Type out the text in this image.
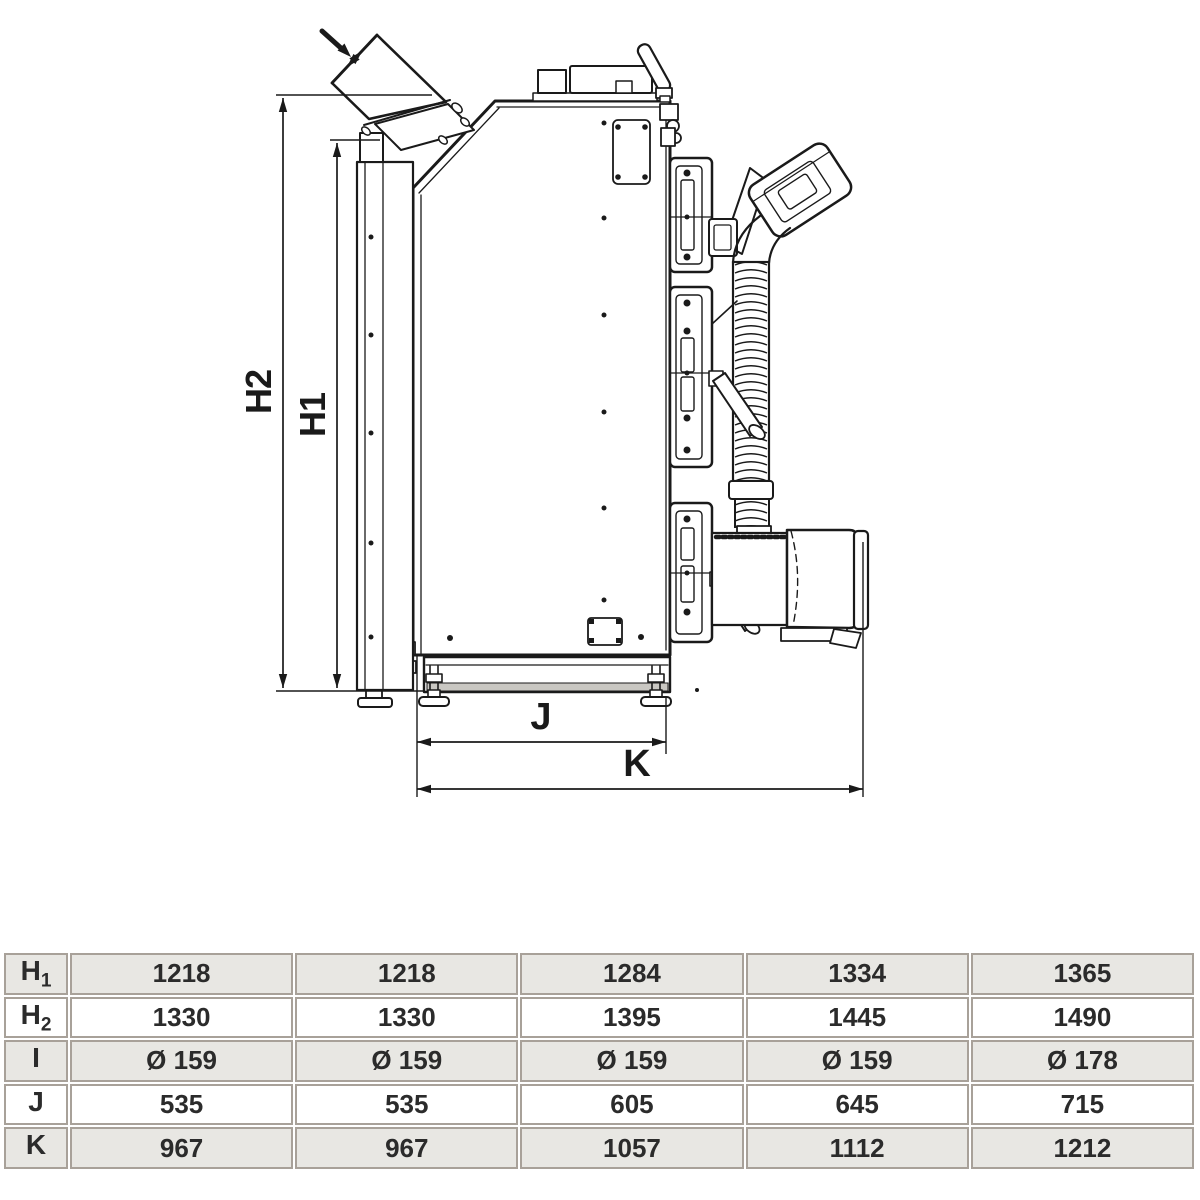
H2
H1
J
K
$H_1$	1218	1218	1284	1334	1365
$H_2$	1330	1330	1395	1445	1490
I	Ø 159	Ø 159	Ø 159	Ø 159	Ø 178
J	535	535	605	645	715
K	967	967	1057	1112	1212
